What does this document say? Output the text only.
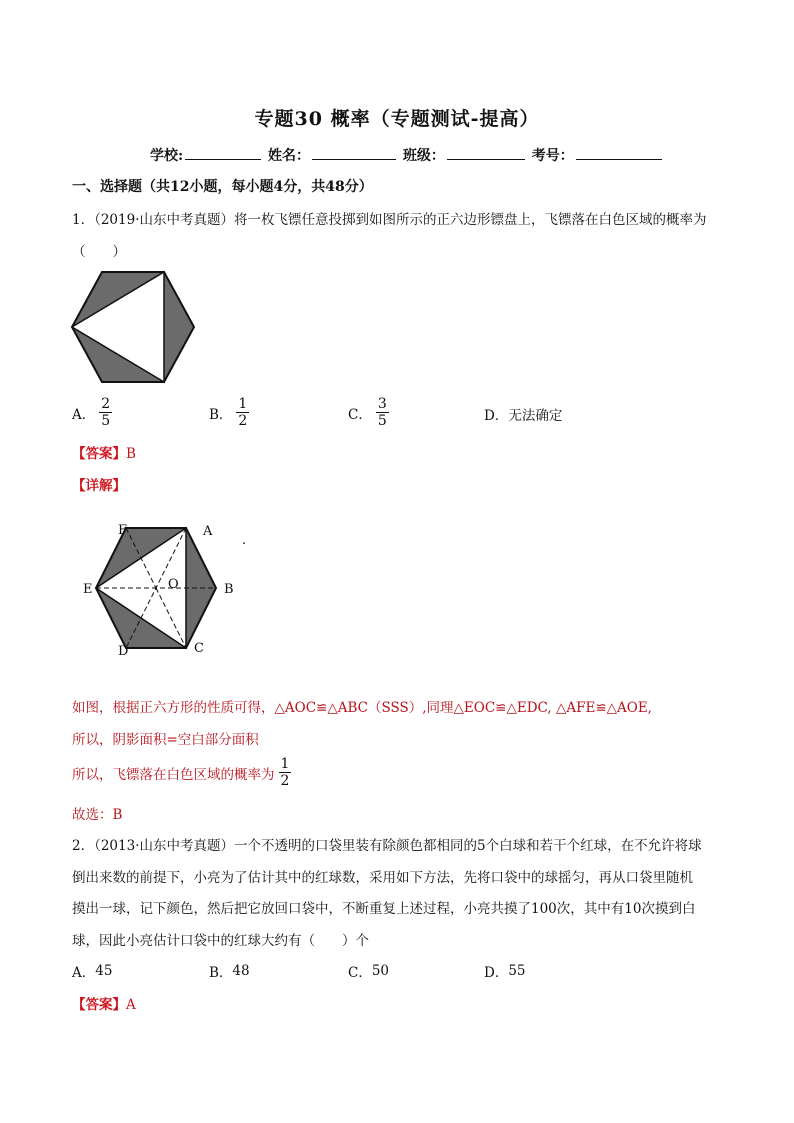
专题30 概率（专题测试-提高）
学校:	姓名：	班级：	考号：
一、选择题（共12小题，每小题4分，共48分）
1．（2019·山东中考真题）将一枚飞镖任意投掷到如图所示的正六边形镖盘上，飞镖落在白色区域的概率为
（　　）
A． $\frac{2}{5}$	B． $\frac{1}{2}$	C． $\frac{3}{5}$	D． 无法确定
【答案】B
【详解】
F	A
E	B
O
D	C
.
如图，根据正六方形的性质可得，△AOC≌△ABC（SSS）,同理△EOC≌△EDC, △AFE≌△AOE,
所以，阴影面积=空白部分面积
所以，飞镖落在白色区域的概率为 $\frac{1}{2}$
故选：B
2．（2013·山东中考真题）一个不透明的口袋里装有除颜色都相同的5个白球和若干个红球，在不允许将球
倒出来数的前提下，小亮为了估计其中的红球数，采用如下方法，先将口袋中的球摇匀，再从口袋里随机
摸出一球，记下颜色，然后把它放回口袋中，不断重复上述过程，小亮共摸了100次，其中有10次摸到白
球，因此小亮估计口袋中的红球大约有（　　）个
A． 45	B． 48	C． 50	D． 55
【答案】A
